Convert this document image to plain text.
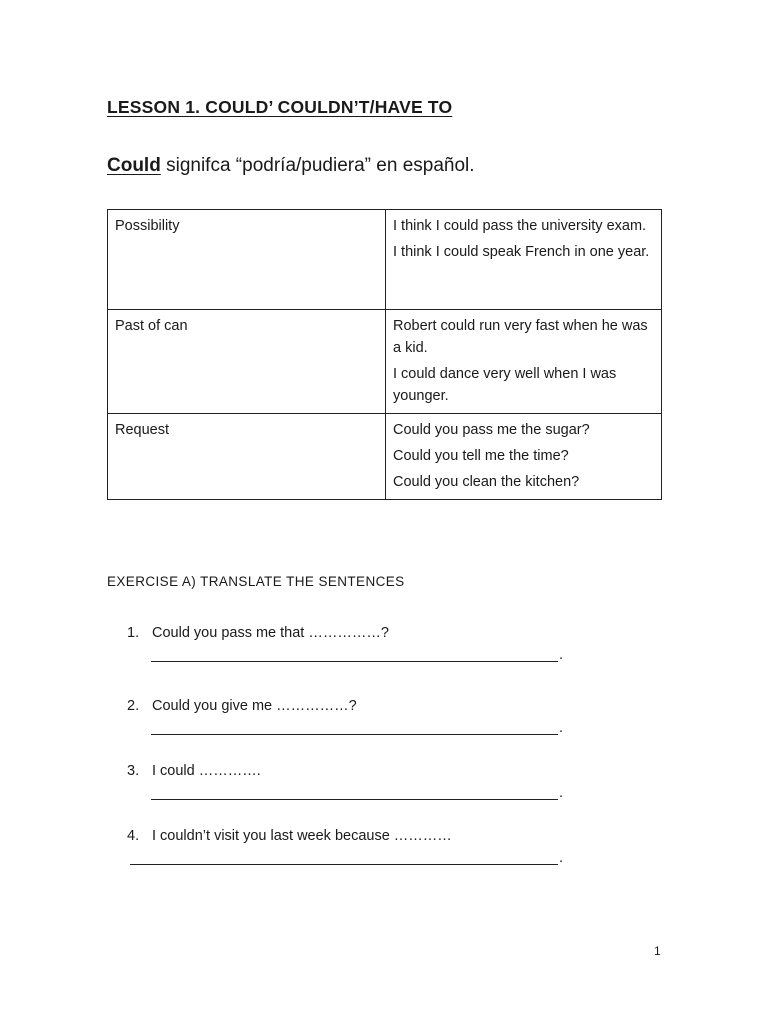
LESSON 1. COULD’ COULDN’T/HAVE TO
Could signifca “podría/pudiera” en español.
Possibility	I think I could pass the university exam.

I think I could speak French in one year.

Past of can	Robert could run very fast when he was a kid.

I could dance very well when I was younger.

Request	Could you pass me the sugar?

Could you tell me the time?

Could you clean the kitchen?

EXERCISE A) TRANSLATE THE SENTENCES
1. Could you pass me that ……………?
.
2. Could you give me ……………?
.
3. I could ………….
.
4. I couldn’t visit you last week because …………
.
1
